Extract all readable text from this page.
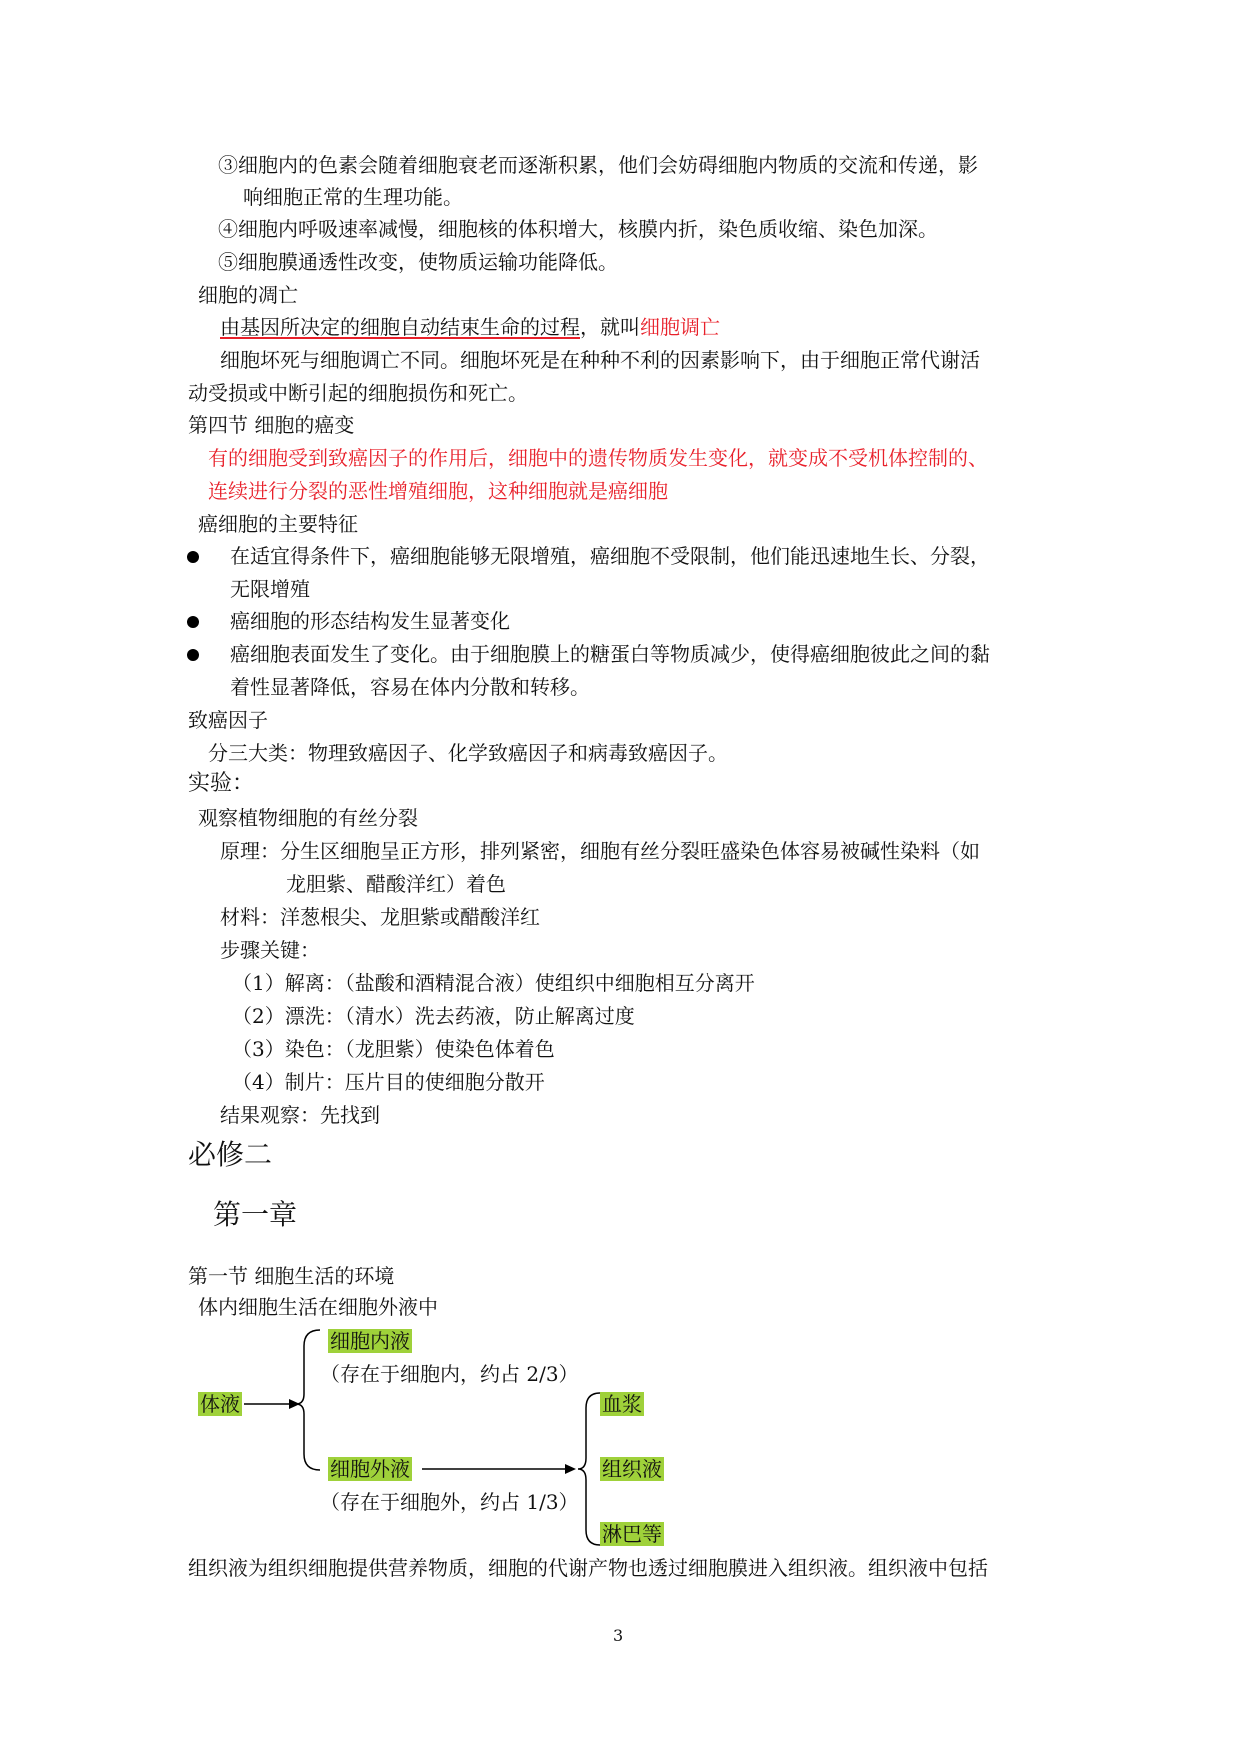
③细胞内的色素会随着细胞衰老而逐渐积累，他们会妨碍细胞内物质的交流和传递，影
响细胞正常的生理功能。
④细胞内呼吸速率减慢，细胞核的体积增大，核膜内折，染色质收缩、染色加深。
⑤细胞膜通透性改变，使物质运输功能降低。
细胞的凋亡
由基因所决定的细胞自动结束生命的过程，就叫细胞调亡
细胞坏死与细胞调亡不同。细胞坏死是在种种不利的因素影响下，由于细胞正常代谢活
动受损或中断引起的细胞损伤和死亡。
第四节 细胞的癌变
有的细胞受到致癌因子的作用后，细胞中的遗传物质发生变化，就变成不受机体控制的、
连续进行分裂的恶性增殖细胞，这种细胞就是癌细胞
癌细胞的主要特征
在适宜得条件下，癌细胞能够无限增殖，癌细胞不受限制，他们能迅速地生长、分裂，
无限增殖
癌细胞的形态结构发生显著变化
癌细胞表面发生了变化。由于细胞膜上的糖蛋白等物质减少，使得癌细胞彼此之间的黏
着性显著降低，容易在体内分散和转移。
致癌因子
分三大类：物理致癌因子、化学致癌因子和病毒致癌因子。
实验：
观察植物细胞的有丝分裂
原理：分生区细胞呈正方形，排列紧密，细胞有丝分裂旺盛染色体容易被碱性染料（如
龙胆紫、醋酸洋红）着色
材料：洋葱根尖、龙胆紫或醋酸洋红
步骤关键：
（1）解离：（盐酸和酒精混合液）使组织中细胞相互分离开
（2）漂洗：（清水）洗去药液，防止解离过度
（3）染色：（龙胆紫）使染色体着色
（4）制片：压片目的使细胞分散开
结果观察：先找到
必修二
第一章
第一节 细胞生活的环境
体内细胞生活在细胞外液中
体液
细胞内液
（存在于细胞内，约占 2/3）
细胞外液
（存在于细胞外，约占 1/3）
血浆
组织液
淋巴等
组织液为组织细胞提供营养物质，细胞的代谢产物也透过细胞膜进入组织液。组织液中包括
3
